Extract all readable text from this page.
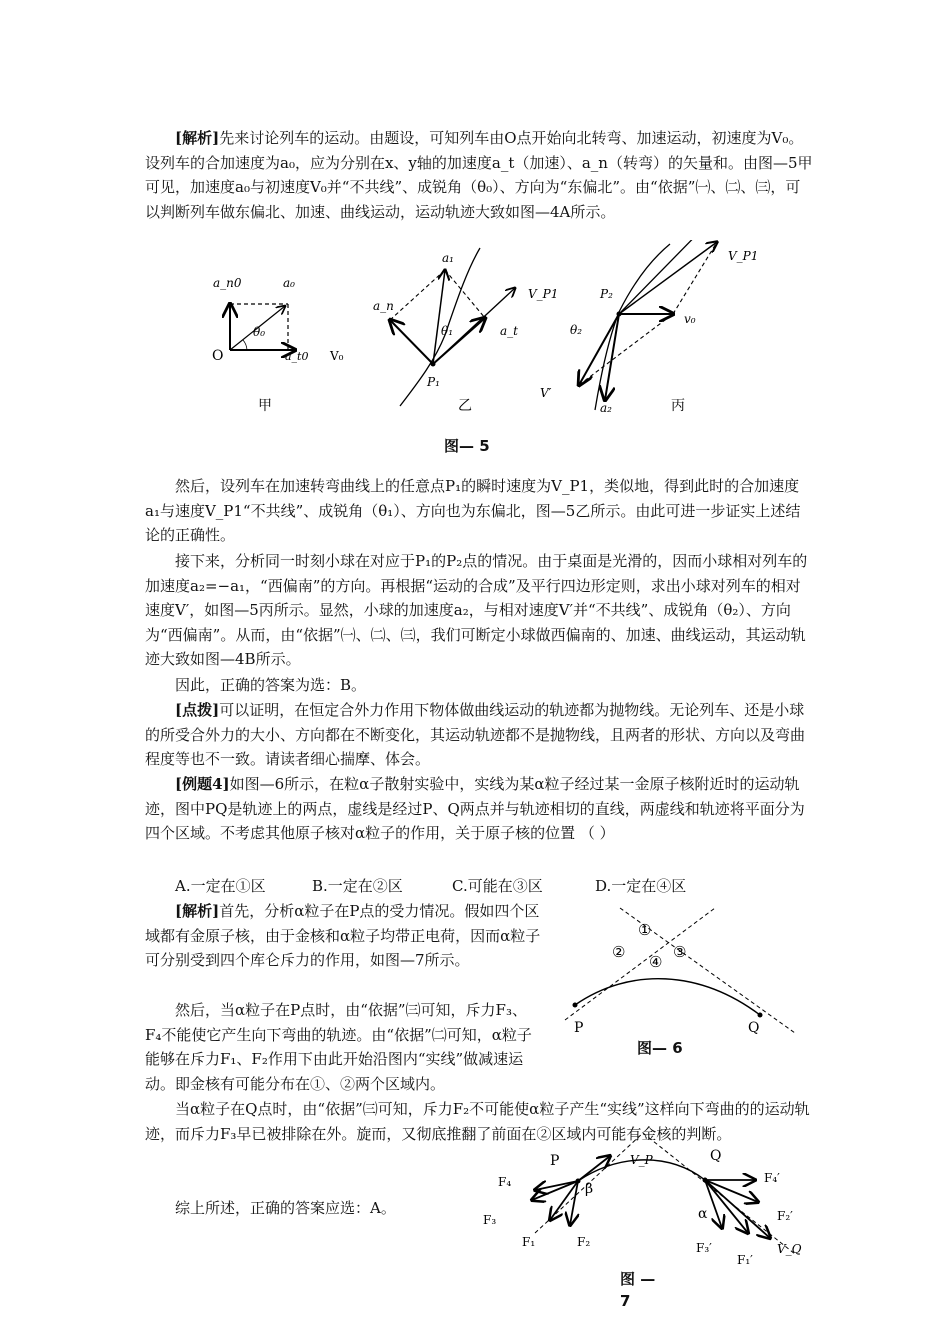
[解析]先来讨论列车的运动。由题设，可知列车由O点开始向北转弯、加速运动，初速度为V₀。设列车的合加速度为a₀，应为分别在x、y轴的加速度a_t（加速）、a_n（转弯）的矢量和。由图—5甲可见，加速度a₀与初速度V₀并“不共线”、成锐角（θ₀）、方向为“东偏北”。由“依据”㈠、㈡、㈢，可以判断列车做东偏北、加速、曲线运动，运动轨迹大致如图—4A所示。

a_n0	a₀
θ₀
O	a_t0 V₀
甲
a₁
a_n
θ₁	a_t
V_P1
P₁
乙
V_P1
P₂
θ₂
v₀
V′
a₂	丙
图— 5

然后，设列车在加速转弯曲线上的任意点P₁的瞬时速度为V_P1，类似地，得到此时的合加速度a₁与速度V_P1“不共线”、成锐角（θ₁）、方向也为东偏北，图—5乙所示。由此可进一步证实上述结论的正确性。

接下来，分析同一时刻小球在对应于P₁的P₂点的情况。由于桌面是光滑的，因而小球相对列车的加速度a₂=−a₁，“西偏南”的方向。再根据“运动的合成”及平行四边形定则，求出小球对列车的相对速度V′，如图—5丙所示。显然，小球的加速度a₂，与相对速度V′并“不共线”、成锐角（θ₂）、方向为“西偏南”。从而，由“依据”㈠、㈡、㈢，我们可断定小球做西偏南的、加速、曲线运动，其运动轨迹大致如图—4B所示。

因此，正确的答案为选：B。

[点拨]可以证明，在恒定合外力作用下物体做曲线运动的轨迹都为抛物线。无论列车、还是小球的所受合外力的大小、方向都在不断变化，其运动轨迹都不是抛物线，且两者的形状、方向以及弯曲程度等也不一致。请读者细心揣摩、体会。

[例题4]如图—6所示，在粒α子散射实验中，实线为某α粒子经过某一金原子核附近时的运动轨迹，图中PQ是轨迹上的两点，虚线是经过P、Q两点并与轨迹相切的直线，两虚线和轨迹将平面分为四个区域。不考虑其他原子核对α粒子的作用，关于原子核的位置 （ ）

A.一定在①区	B.一定在②区	C.可能在③区	D.一定在④区

[解析]首先，分析α粒子在P点的受力情况。假如四个区域都有金原子核，由于金核和α粒子均带正电荷，因而α粒子可分别受到四个库仑斥力的作用，如图—7所示。

然后，当α粒子在P点时，由“依据”㈢可知，斥力F₃、F₄不能使它产生向下弯曲的轨迹。由“依据”㈡可知，α粒子能够在斥力F₁、F₂作用下由此开始沿图内“实线”做减速运动。即金核有可能分布在①、②两个区域内。

①
②	③
④
P	Q
图— 6

当α粒子在Q点时，由“依据”㈢可知，斥力F₂不可能使α粒子产生“实线”这样向下弯曲的的运动轨迹，而斥力F₃早已被排除在外。旋而，又彻底推翻了前面在②区域内可能有金核的判断。

综上所述，正确的答案应选：A。

P	Q
V_P
β
α
F₄
F₃
F₁	F₂
F₄′
F₂′
F₃′
F₁′
V_Q
图 — 7
